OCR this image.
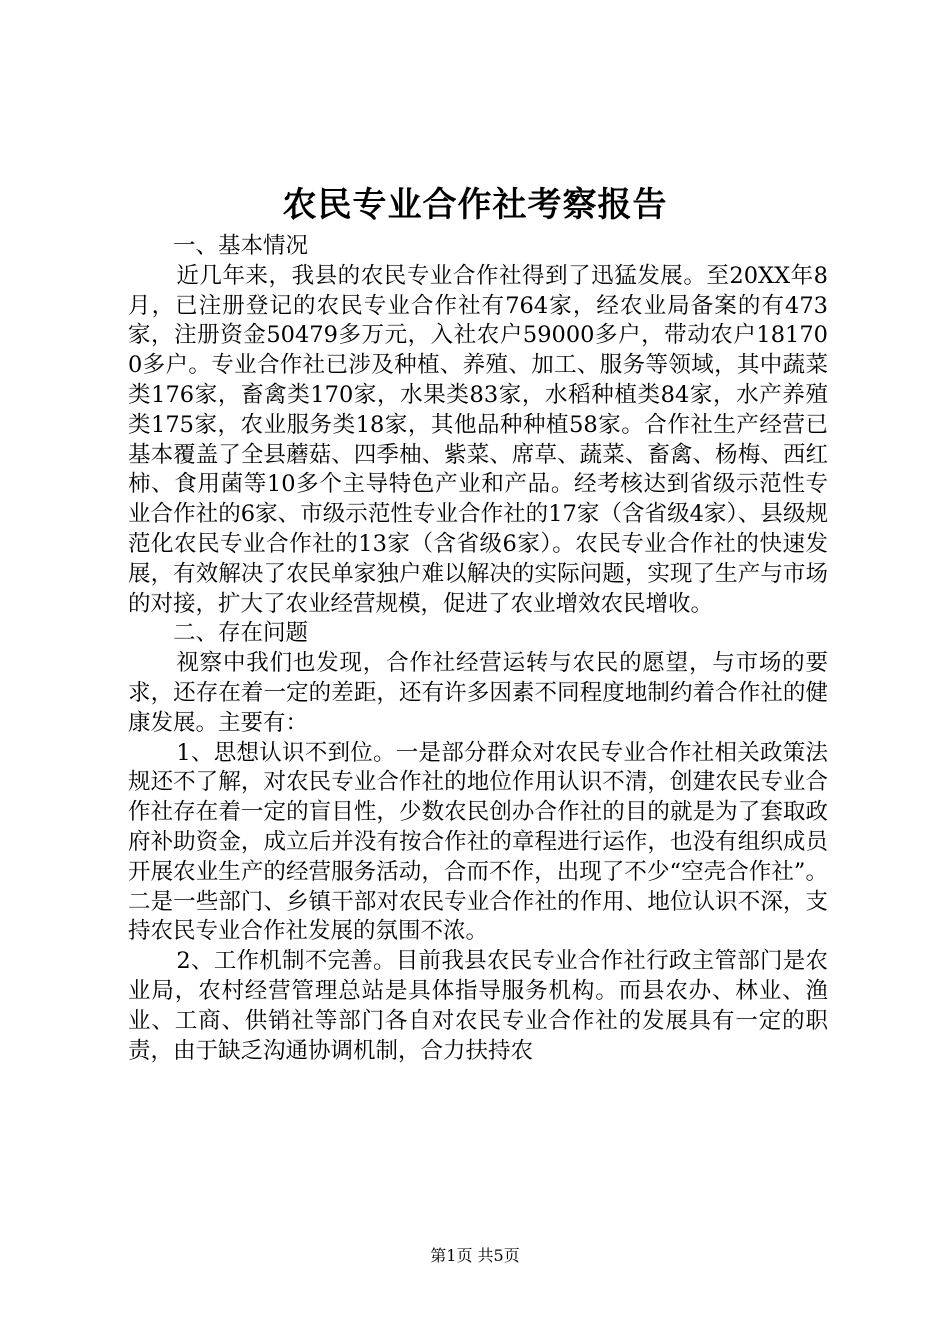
农民专业合作社考察报告

一、基本情况

近几年来，我县的农民专业合作社得到了迅猛发展。至20XX年8月，已注册登记的农民专业合作社有764家，经农业局备案的有473家，注册资金50479多万元，入社农户59000多户，带动农户181700多户。专业合作社已涉及种植、养殖、加工、服务等领域，其中蔬菜类176家，畜禽类170家，水果类83家，水稻种植类84家，水产养殖类175家，农业服务类18家，其他品种种植58家。合作社生产经营已基本覆盖了全县蘑菇、四季柚、紫菜、席草、蔬菜、畜禽、杨梅、西红柿、食用菌等10多个主导特色产业和产品。经考核达到省级示范性专业合作社的6家、市级示范性专业合作社的17家（含省级4家）、县级规范化农民专业合作社的13家（含省级6家）。农民专业合作社的快速发展，有效解决了农民单家独户难以解决的实际问题，实现了生产与市场的对接，扩大了农业经营规模，促进了农业增效农民增收。

二、存在问题

视察中我们也发现，合作社经营运转与农民的愿望，与市场的要求，还存在着一定的差距，还有许多因素不同程度地制约着合作社的健康发展。主要有：

1、思想认识不到位。一是部分群众对农民专业合作社相关政策法规还不了解，对农民专业合作社的地位作用认识不清，创建农民专业合作社存在着一定的盲目性，少数农民创办合作社的目的就是为了套取政府补助资金，成立后并没有按合作社的章程进行运作，也没有组织成员开展农业生产的经营服务活动，合而不作，出现了不少“空壳合作社”。二是一些部门、乡镇干部对农民专业合作社的作用、地位认识不深，支持农民专业合作社发展的氛围不浓。

2、工作机制不完善。目前我县农民专业合作社行政主管部门是农业局，农村经营管理总站是具体指导服务机构。而县农办、林业、渔业、工商、供销社等部门各自对农民专业合作社的发展具有一定的职责，由于缺乏沟通协调机制，合力扶持农

第1页 共5页
